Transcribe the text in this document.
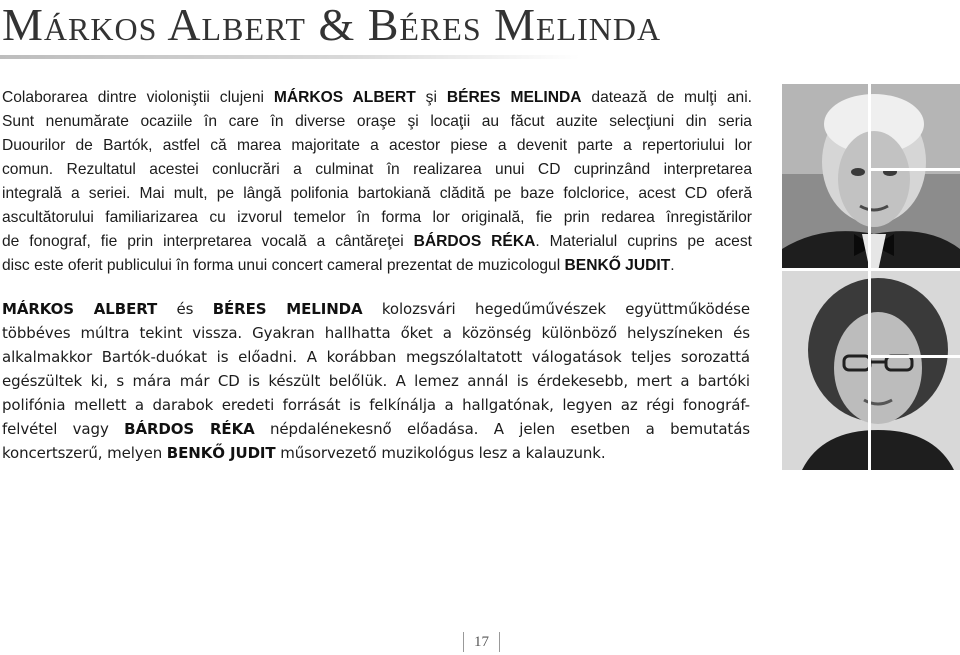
Márkos Albert & Béres Melinda

Colaborarea dintre violoniştii clujeni MÁRKOS ALBERT şi BÉRES MELINDA datează de mulţi ani.
Sunt nenumărate ocaziile în care în diverse oraşe şi locaţii au făcut auzite selecţiuni din seria
Duourilor de Bartók, astfel că marea majoritate a acestor piese a devenit parte a repertoriului lor
comun. Rezultatul acestei conlucrări a culminat în realizarea unui CD cuprinzând interpretarea
integrală a seriei. Mai mult, pe lângă polifonia bartokiană clădită pe baze folclorice, acest CD oferă
ascultătorului familiarizarea cu izvorul temelor în forma lor originală, fie prin redarea înregistărilor
de fonograf, fie prin interpretarea vocală a cântăreţei BÁRDOS RÉKA. Materialul cuprins pe acest
disc este oferit publicului în forma unui concert cameral prezentat de muzicologul BENKŐ JUDIT.

MÁRKOS ALBERT és BÉRES MELINDA kolozsvári hegedűművészek együttműködése
többéves múltra tekint vissza. Gyakran hallhatta őket a közönség különböző helyszíneken és
alkalmakkor Bartók-duókat is előadni. A korábban megszólaltatott válogatások teljes sorozattá
egészültek ki, s mára már CD is készült belőlük. A lemez annál is érdekesebb, mert a bartóki
polifónia mellett a darabok eredeti forrását is felkínálja a hallgatónak, legyen az régi fonográf-
felvétel vagy BÁRDOS RÉKA népdalénekesnő előadása. A jelen esetben a bemutatás
koncertszerű, melyen BENKŐ JUDIT műsorvezető muzikológus lesz a kalauzunk.

17
